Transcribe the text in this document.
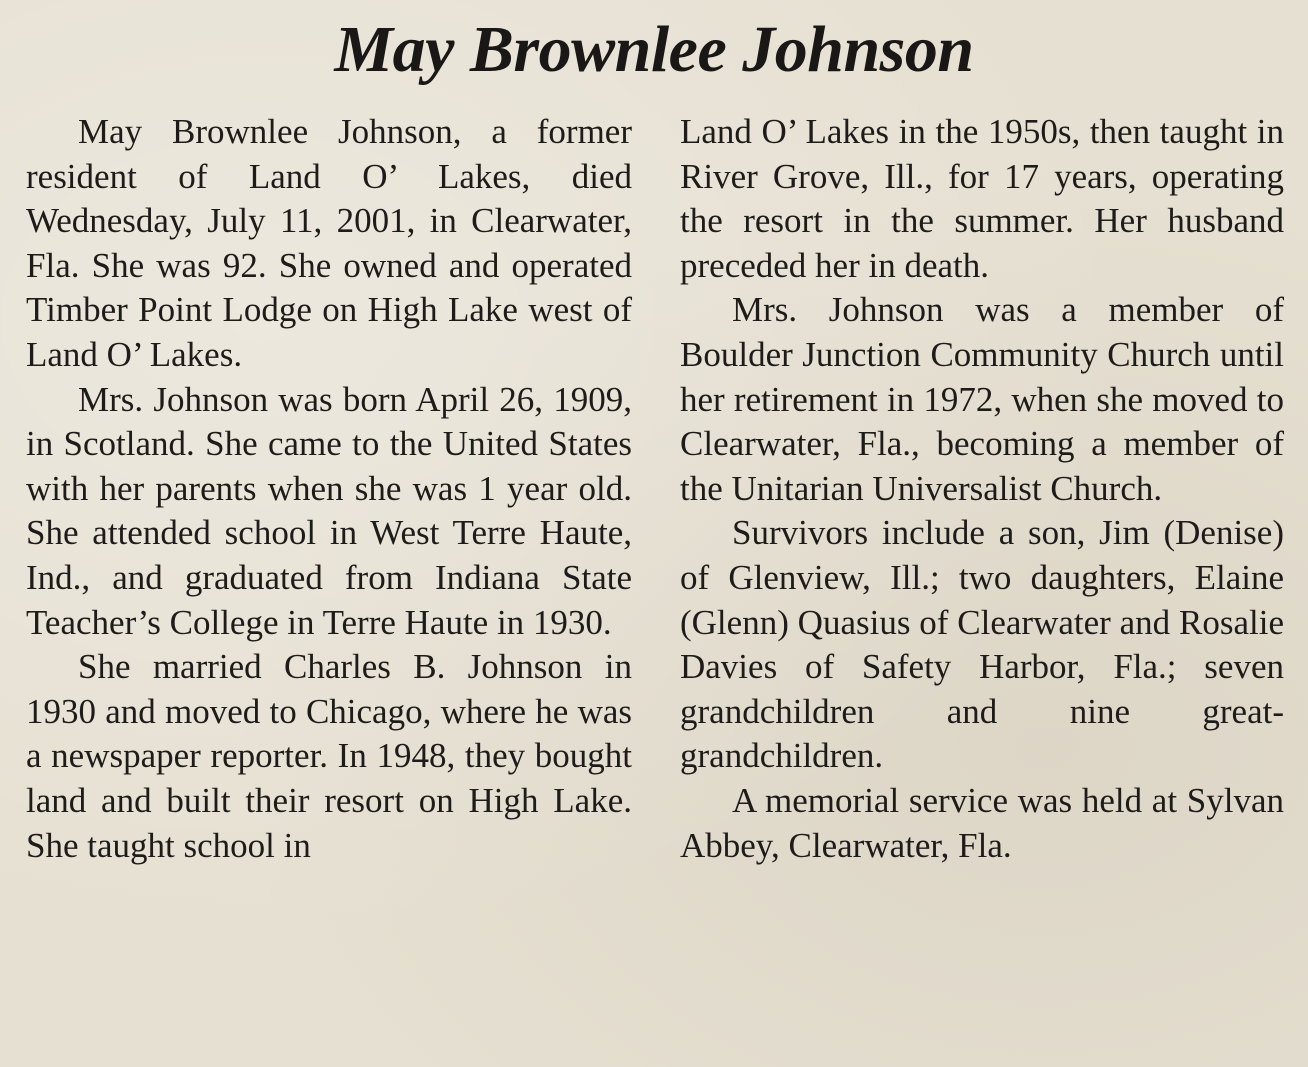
May Brownlee Johnson

May Brownlee Johnson, a former resident of Land O’ Lakes, died Wednesday, July 11, 2001, in Clearwater, Fla. She was 92. She owned and operated Timber Point Lodge on High Lake west of Land O’ Lakes.

Mrs. Johnson was born April 26, 1909, in Scotland. She came to the United States with her parents when she was 1 year old. She attended school in West Terre Haute, Ind., and graduated from Indiana State Teacher’s College in Terre Haute in 1930.

She married Charles B. Johnson in 1930 and moved to Chicago, where he was a newspaper reporter. In 1948, they bought land and built their resort on High Lake. She taught school in

Land O’ Lakes in the 1950s, then taught in River Grove, Ill., for 17 years, operating the resort in the summer. Her husband preceded her in death.

Mrs. Johnson was a member of Boulder Junction Community Church until her retirement in 1972, when she moved to Clearwater, Fla., becoming a member of the Unitarian Universalist Church.

Survivors include a son, Jim (Denise) of Glenview, Ill.; two daughters, Elaine (Glenn) Quasius of Clearwater and Rosalie Davies of Safety Harbor, Fla.; seven grandchildren and nine great-grandchildren.

A memorial service was held at Sylvan Abbey, Clearwater, Fla.
